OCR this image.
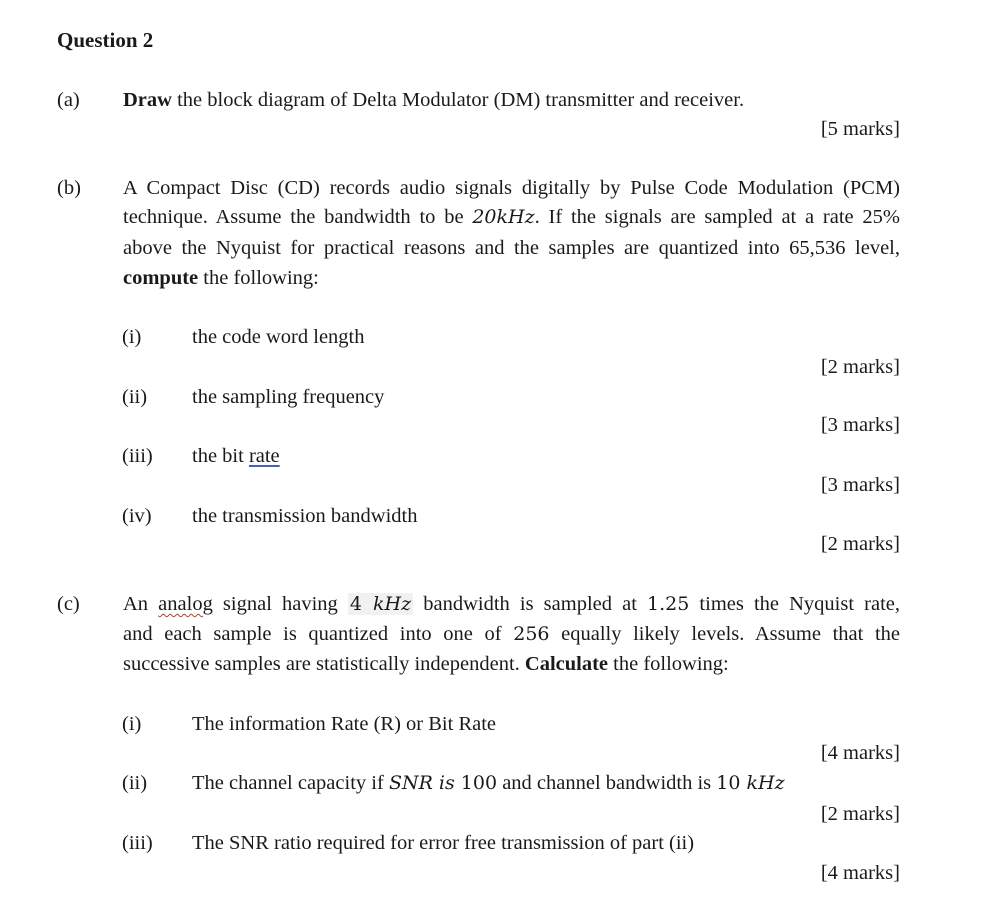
Question 2
(a) Draw the block diagram of Delta Modulator (DM) transmitter and receiver.
[5 marks]
(b) A Compact Disc (CD) records audio signals digitally by Pulse Code Modulation (PCM)
technique. Assume the bandwidth to be 20kHz. If the signals are sampled at a rate 25%
above the Nyquist for practical reasons and the samples are quantized into 65,536 level,
compute the following:
(i) the code word length
[2 marks]
(ii) the sampling frequency
[3 marks]
(iii) the bit rate
[3 marks]
(iv) the transmission bandwidth
[2 marks]
(c) An analog signal having 4 kHz bandwidth is sampled at 1.25 times the Nyquist rate,
and each sample is quantized into one of 256 equally likely levels. Assume that the
successive samples are statistically independent. Calculate the following:
(i) The information Rate (R) or Bit Rate
[4 marks]
(ii) The channel capacity if SNR is 100 and channel bandwidth is 10 kHz
[2 marks]
(iii) The SNR ratio required for error free transmission of part (ii)
[4 marks]
